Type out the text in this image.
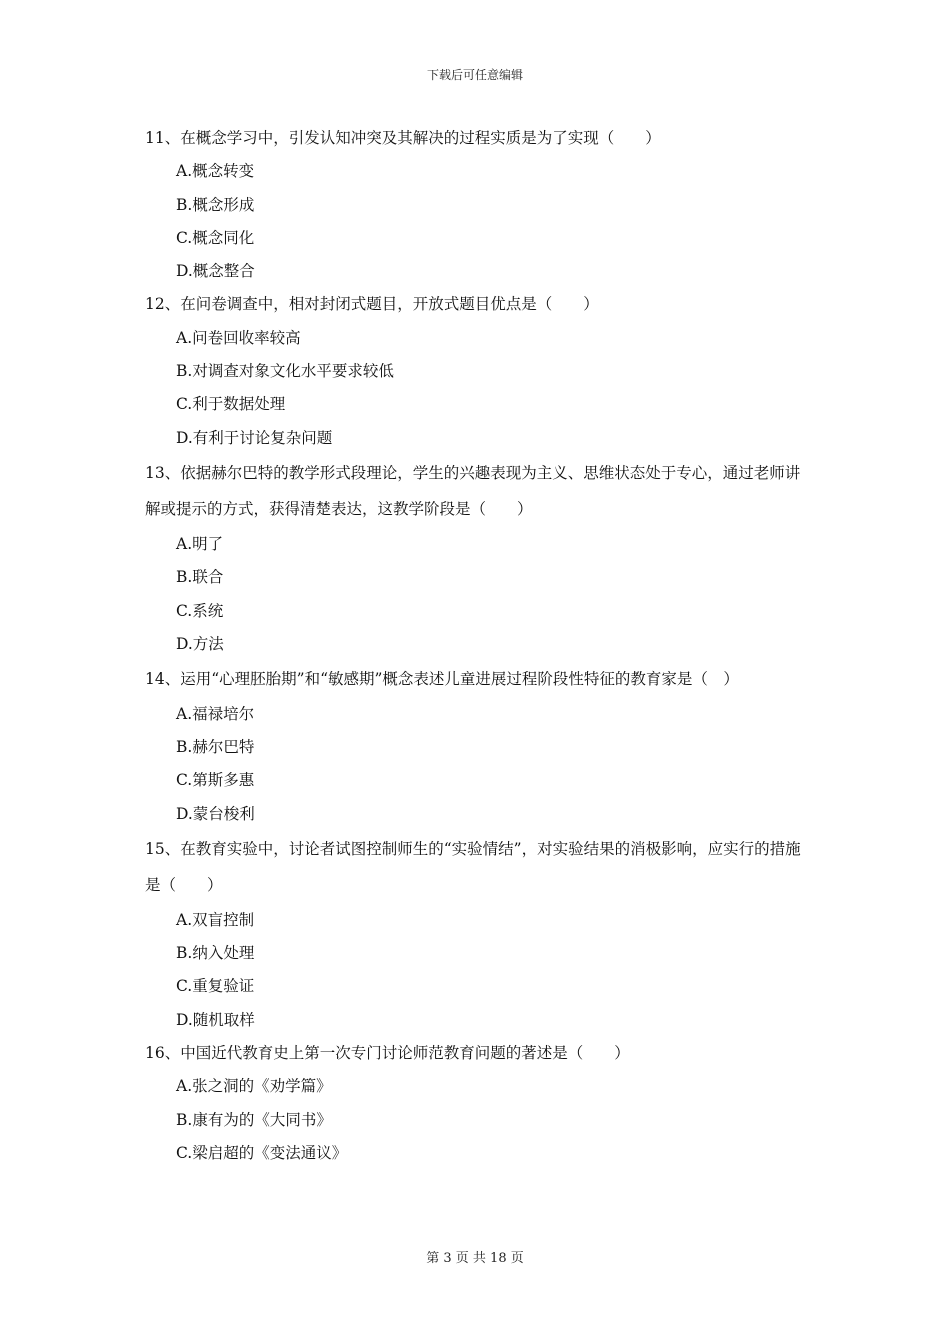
下载后可任意编辑
11、在概念学习中，引发认知冲突及其解决的过程实质是为了实现（　　）
A.概念转变
B.概念形成
C.概念同化
D.概念整合
12、在问卷调查中，相对封闭式题目，开放式题目优点是（　　）
A.问卷回收率较高
B.对调查对象文化水平要求较低
C.利于数据处理
D.有利于讨论复杂问题
13、依据赫尔巴特的教学形式段理论，学生的兴趣表现为主义、思维状态处于专心，通过老师讲解或提示的方式，获得清楚表达，这教学阶段是（　　）
A.明了
B.联合
C.系统
D.方法
14、运用“心理胚胎期”和“敏感期”概念表述儿童进展过程阶段性特征的教育家是（　）
A.福禄培尔
B.赫尔巴特
C.第斯多惠
D.蒙台梭利
15、在教育实验中，讨论者试图控制师生的“实验情结”，对实验结果的消极影响，应实行的措施是（　　）
A.双盲控制
B.纳入处理
C.重复验证
D.随机取样
16、中国近代教育史上第一次专门讨论师范教育问题的著述是（　　）
A.张之洞的《劝学篇》
B.康有为的《大同书》
C.梁启超的《变法通议》
第 3 页 共 18 页
